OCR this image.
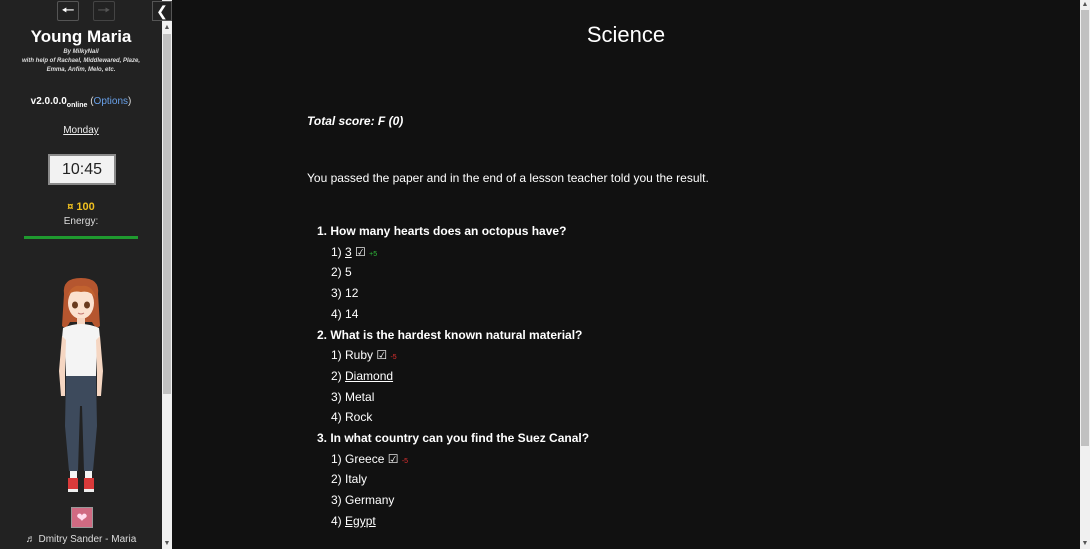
🠔 🠖
Young Maria
By MilkyNail
with help of Rachael, Middlewared, Plaze,
Emma, Anfim, Melo, etc.
$v2.0.0.0_{online}$ (Options)
Monday
10:45
¤ 100
Energy:
❤
♬ Dmitry Sander - Maria
❮
▲
▼
Science
Total score: F (0)
You passed the paper and in the end of a lesson teacher told you the result.
1. How many hearts does an octopus have?
1) 3 ☑ +5
2) 5
3) 12
4) 14
2. What is the hardest known natural material?
1) Ruby ☑ -5
2) Diamond
3) Metal
4) Rock
3. In what country can you find the Suez Canal?
1) Greece ☑ -5
2) Italy
3) Germany
4) Egypt
▲
▼
